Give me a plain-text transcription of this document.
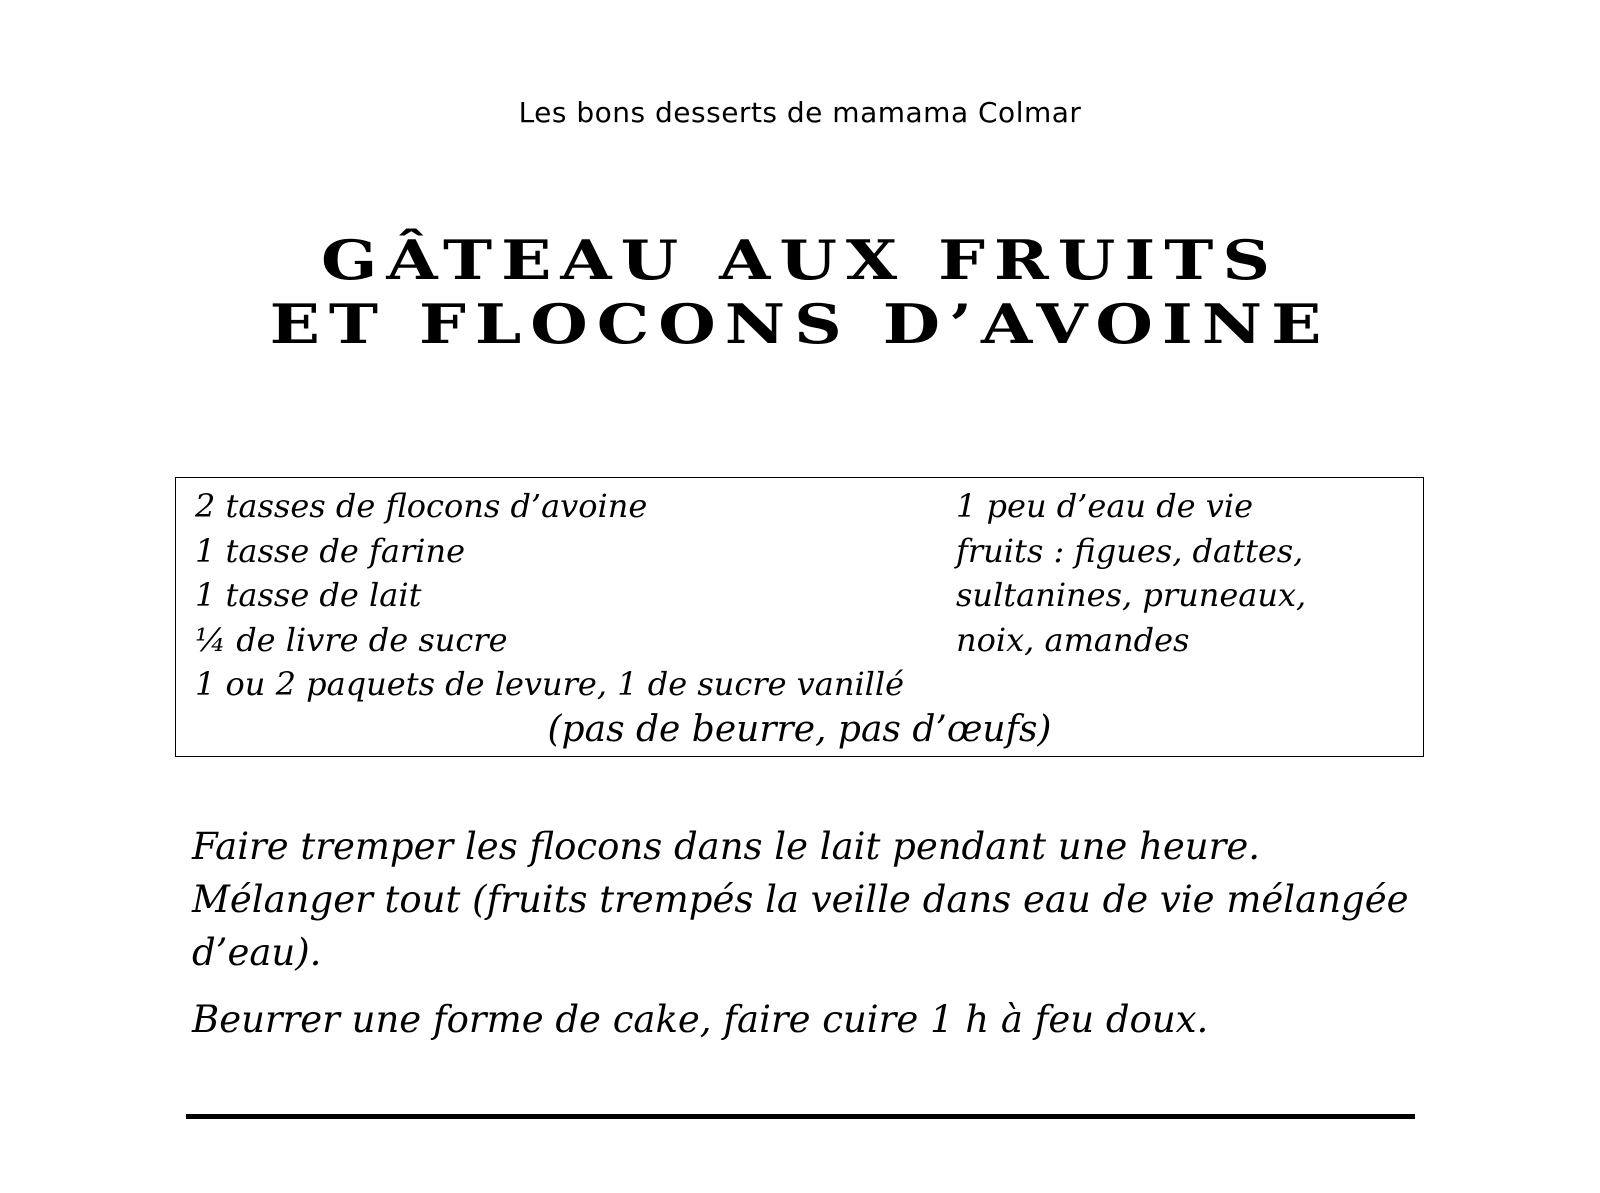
Les bons desserts de mamama Colmar
GÂTEAU AUX FRUITS
ET FLOCONS D’AVOINE
2 tasses de flocons d’avoine
1 tasse de farine
1 tasse de lait
¼ de livre de sucre
1 peu d’eau de vie
fruits : figues, dattes,
sultanines, pruneaux,
noix, amandes
1 ou 2 paquets de levure, 1 de sucre vanillé
(pas de beurre, pas d’œufs)

Faire tremper les flocons dans le lait pendant une heure. Mélanger tout (fruits trempés la veille dans eau de vie mélangée d’eau).

Beurrer une forme de cake, faire cuire 1 h à feu doux.
